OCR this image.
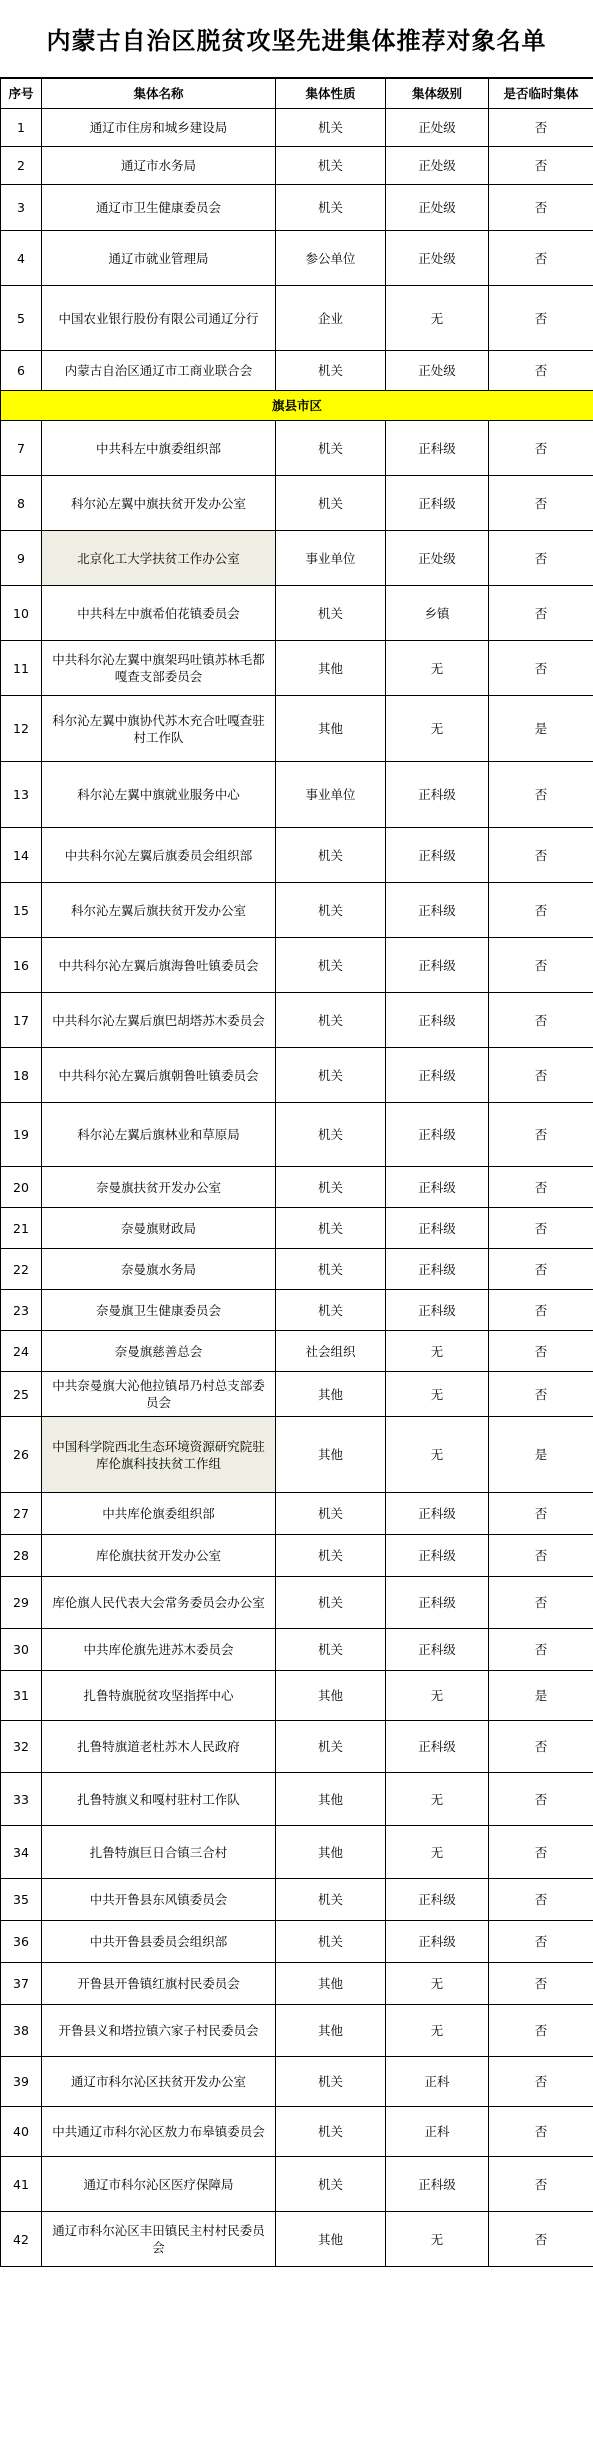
内蒙古自治区脱贫攻坚先进集体推荐对象名单
序号	集体名称	集体性质	集体级别	是否临时集体
1	通辽市住房和城乡建设局	机关	正处级	否
2	通辽市水务局	机关	正处级	否
3	通辽市卫生健康委员会	机关	正处级	否
4	通辽市就业管理局	参公单位	正处级	否
5	中国农业银行股份有限公司通辽分行	企业	无	否
6	内蒙古自治区通辽市工商业联合会	机关	正处级	否
旗县市区				
7	中共科左中旗委组织部	机关	正科级	否
8	科尔沁左翼中旗扶贫开发办公室	机关	正科级	否
9	北京化工大学扶贫工作办公室	事业单位	正处级	否
10	中共科左中旗希伯花镇委员会	机关	乡镇	否
11	中共科尔沁左翼中旗架玛吐镇苏林毛都嘎查支部委员会	其他	无	否
12	科尔沁左翼中旗协代苏木充合吐嘎查驻村工作队	其他	无	是
13	科尔沁左翼中旗就业服务中心	事业单位	正科级	否
14	中共科尔沁左翼后旗委员会组织部	机关	正科级	否
15	科尔沁左翼后旗扶贫开发办公室	机关	正科级	否
16	中共科尔沁左翼后旗海鲁吐镇委员会	机关	正科级	否
17	中共科尔沁左翼后旗巴胡塔苏木委员会	机关	正科级	否
18	中共科尔沁左翼后旗朝鲁吐镇委员会	机关	正科级	否
19	科尔沁左翼后旗林业和草原局	机关	正科级	否
20	奈曼旗扶贫开发办公室	机关	正科级	否
21	奈曼旗财政局	机关	正科级	否
22	奈曼旗水务局	机关	正科级	否
23	奈曼旗卫生健康委员会	机关	正科级	否
24	奈曼旗慈善总会	社会组织	无	否
25	中共奈曼旗大沁他拉镇昂乃村总支部委员会	其他	无	否
26	中国科学院西北生态环境资源研究院驻库伦旗科技扶贫工作组	其他	无	是
27	中共库伦旗委组织部	机关	正科级	否
28	库伦旗扶贫开发办公室	机关	正科级	否
29	库伦旗人民代表大会常务委员会办公室	机关	正科级	否
30	中共库伦旗先进苏木委员会	机关	正科级	否
31	扎鲁特旗脱贫攻坚指挥中心	其他	无	是
32	扎鲁特旗道老杜苏木人民政府	机关	正科级	否
33	扎鲁特旗义和嘎村驻村工作队	其他	无	否
34	扎鲁特旗巨日合镇三合村	其他	无	否
35	中共开鲁县东风镇委员会	机关	正科级	否
36	中共开鲁县委员会组织部	机关	正科级	否
37	开鲁县开鲁镇红旗村民委员会	其他	无	否
38	开鲁县义和塔拉镇六家子村民委员会	其他	无	否
39	通辽市科尔沁区扶贫开发办公室	机关	正科	否
40	中共通辽市科尔沁区敖力布皋镇委员会	机关	正科	否
41	通辽市科尔沁区医疗保障局	机关	正科级	否
42	通辽市科尔沁区丰田镇民主村村民委员会	其他	无	否
